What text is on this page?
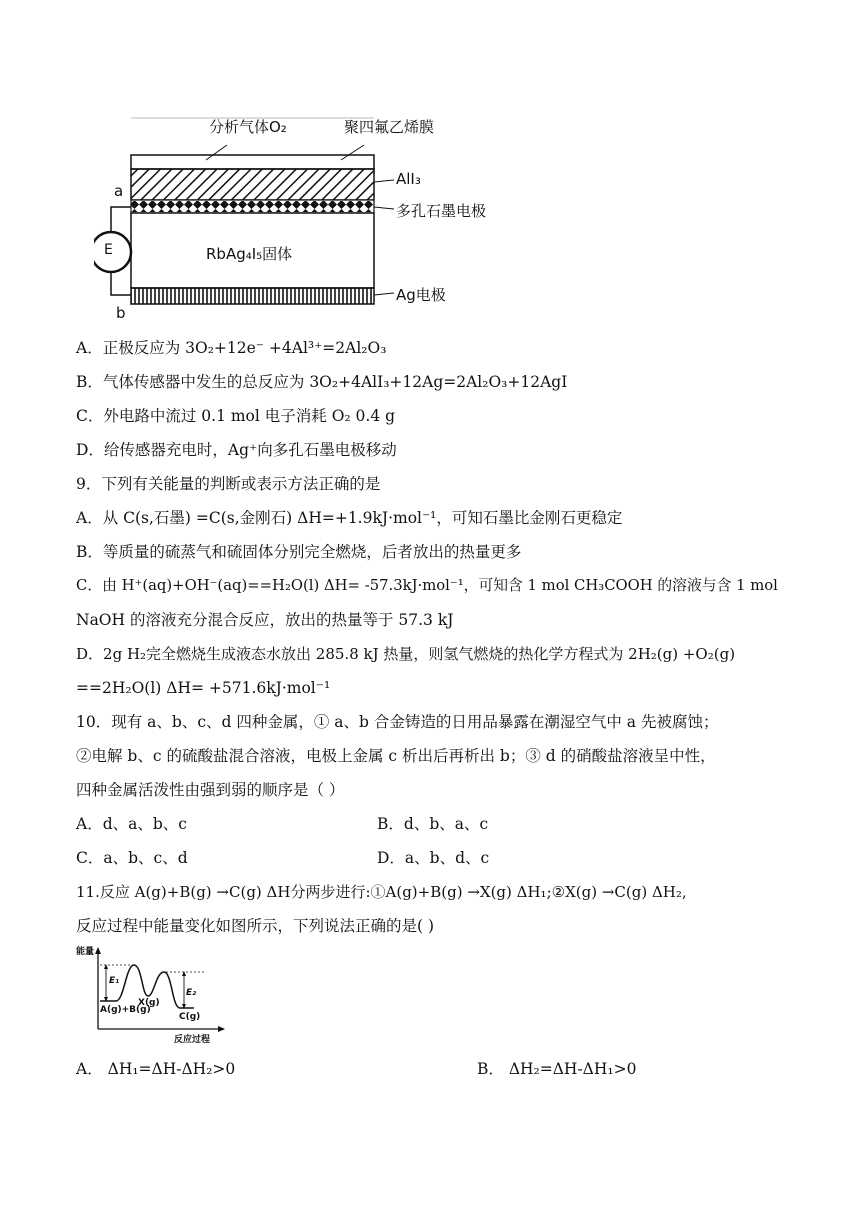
分析气体O₂	聚四氟乙烯膜
AlI₃
多孔石墨电极
RbAg₄I₅固体
Ag电极
a
b
E
A．正极反应为 3O₂+12e⁻ +4Al³⁺=2Al₂O₃
B．气体传感器中发生的总反应为 3O₂+4AlI₃+12Ag=2Al₂O₃+12AgI
C．外电路中流过 0.1 mol 电子消耗 O₂ 0.4 g
D．给传感器充电时，Ag⁺向多孔石墨电极移动
9．下列有关能量的判断或表示方法正确的是
A．从 C(s,石墨) =C(s,金刚石) ΔH=+1.9kJ·mol⁻¹，可知石墨比金刚石更稳定
B．等质量的硫蒸气和硫固体分别完全燃烧，后者放出的热量更多
C．由 H⁺(aq)+OH⁻(aq)==H₂O(l) ΔH= -57.3kJ·mol⁻¹，可知含 1 mol CH₃COOH 的溶液与含 1 mol
NaOH 的溶液充分混合反应，放出的热量等于 57.3 kJ
D．2g H₂完全燃烧生成液态水放出 285.8 kJ 热量，则氢气燃烧的热化学方程式为 2H₂(g) +O₂(g)
==2H₂O(l) ΔH= +571.6kJ·mol⁻¹
10．现有 a、b、c、d 四种金属，① a、b 合金铸造的日用品暴露在潮湿空气中 a 先被腐蚀；
②电解 b、c 的硫酸盐混合溶液，电极上金属 c 析出后再析出 b；③ d 的硝酸盐溶液呈中性，
四种金属活泼性由强到弱的顺序是（ ）
A．d、a、b、c	B．d、b、a、c
C．a、b、c、d	D．a、b、d、c
11.反应 A(g)+B(g) →C(g) ΔH分两步进行:①A(g)+B(g) →X(g) ΔH₁;②X(g) →C(g) ΔH₂,
反应过程中能量变化如图所示，下列说法正确的是( )
能量
E₁
E₂
A(g)+B(g)
X(g)
C(g)
反应过程
A． ΔH₁=ΔH-ΔH₂>0	B． ΔH₂=ΔH-ΔH₁>0
